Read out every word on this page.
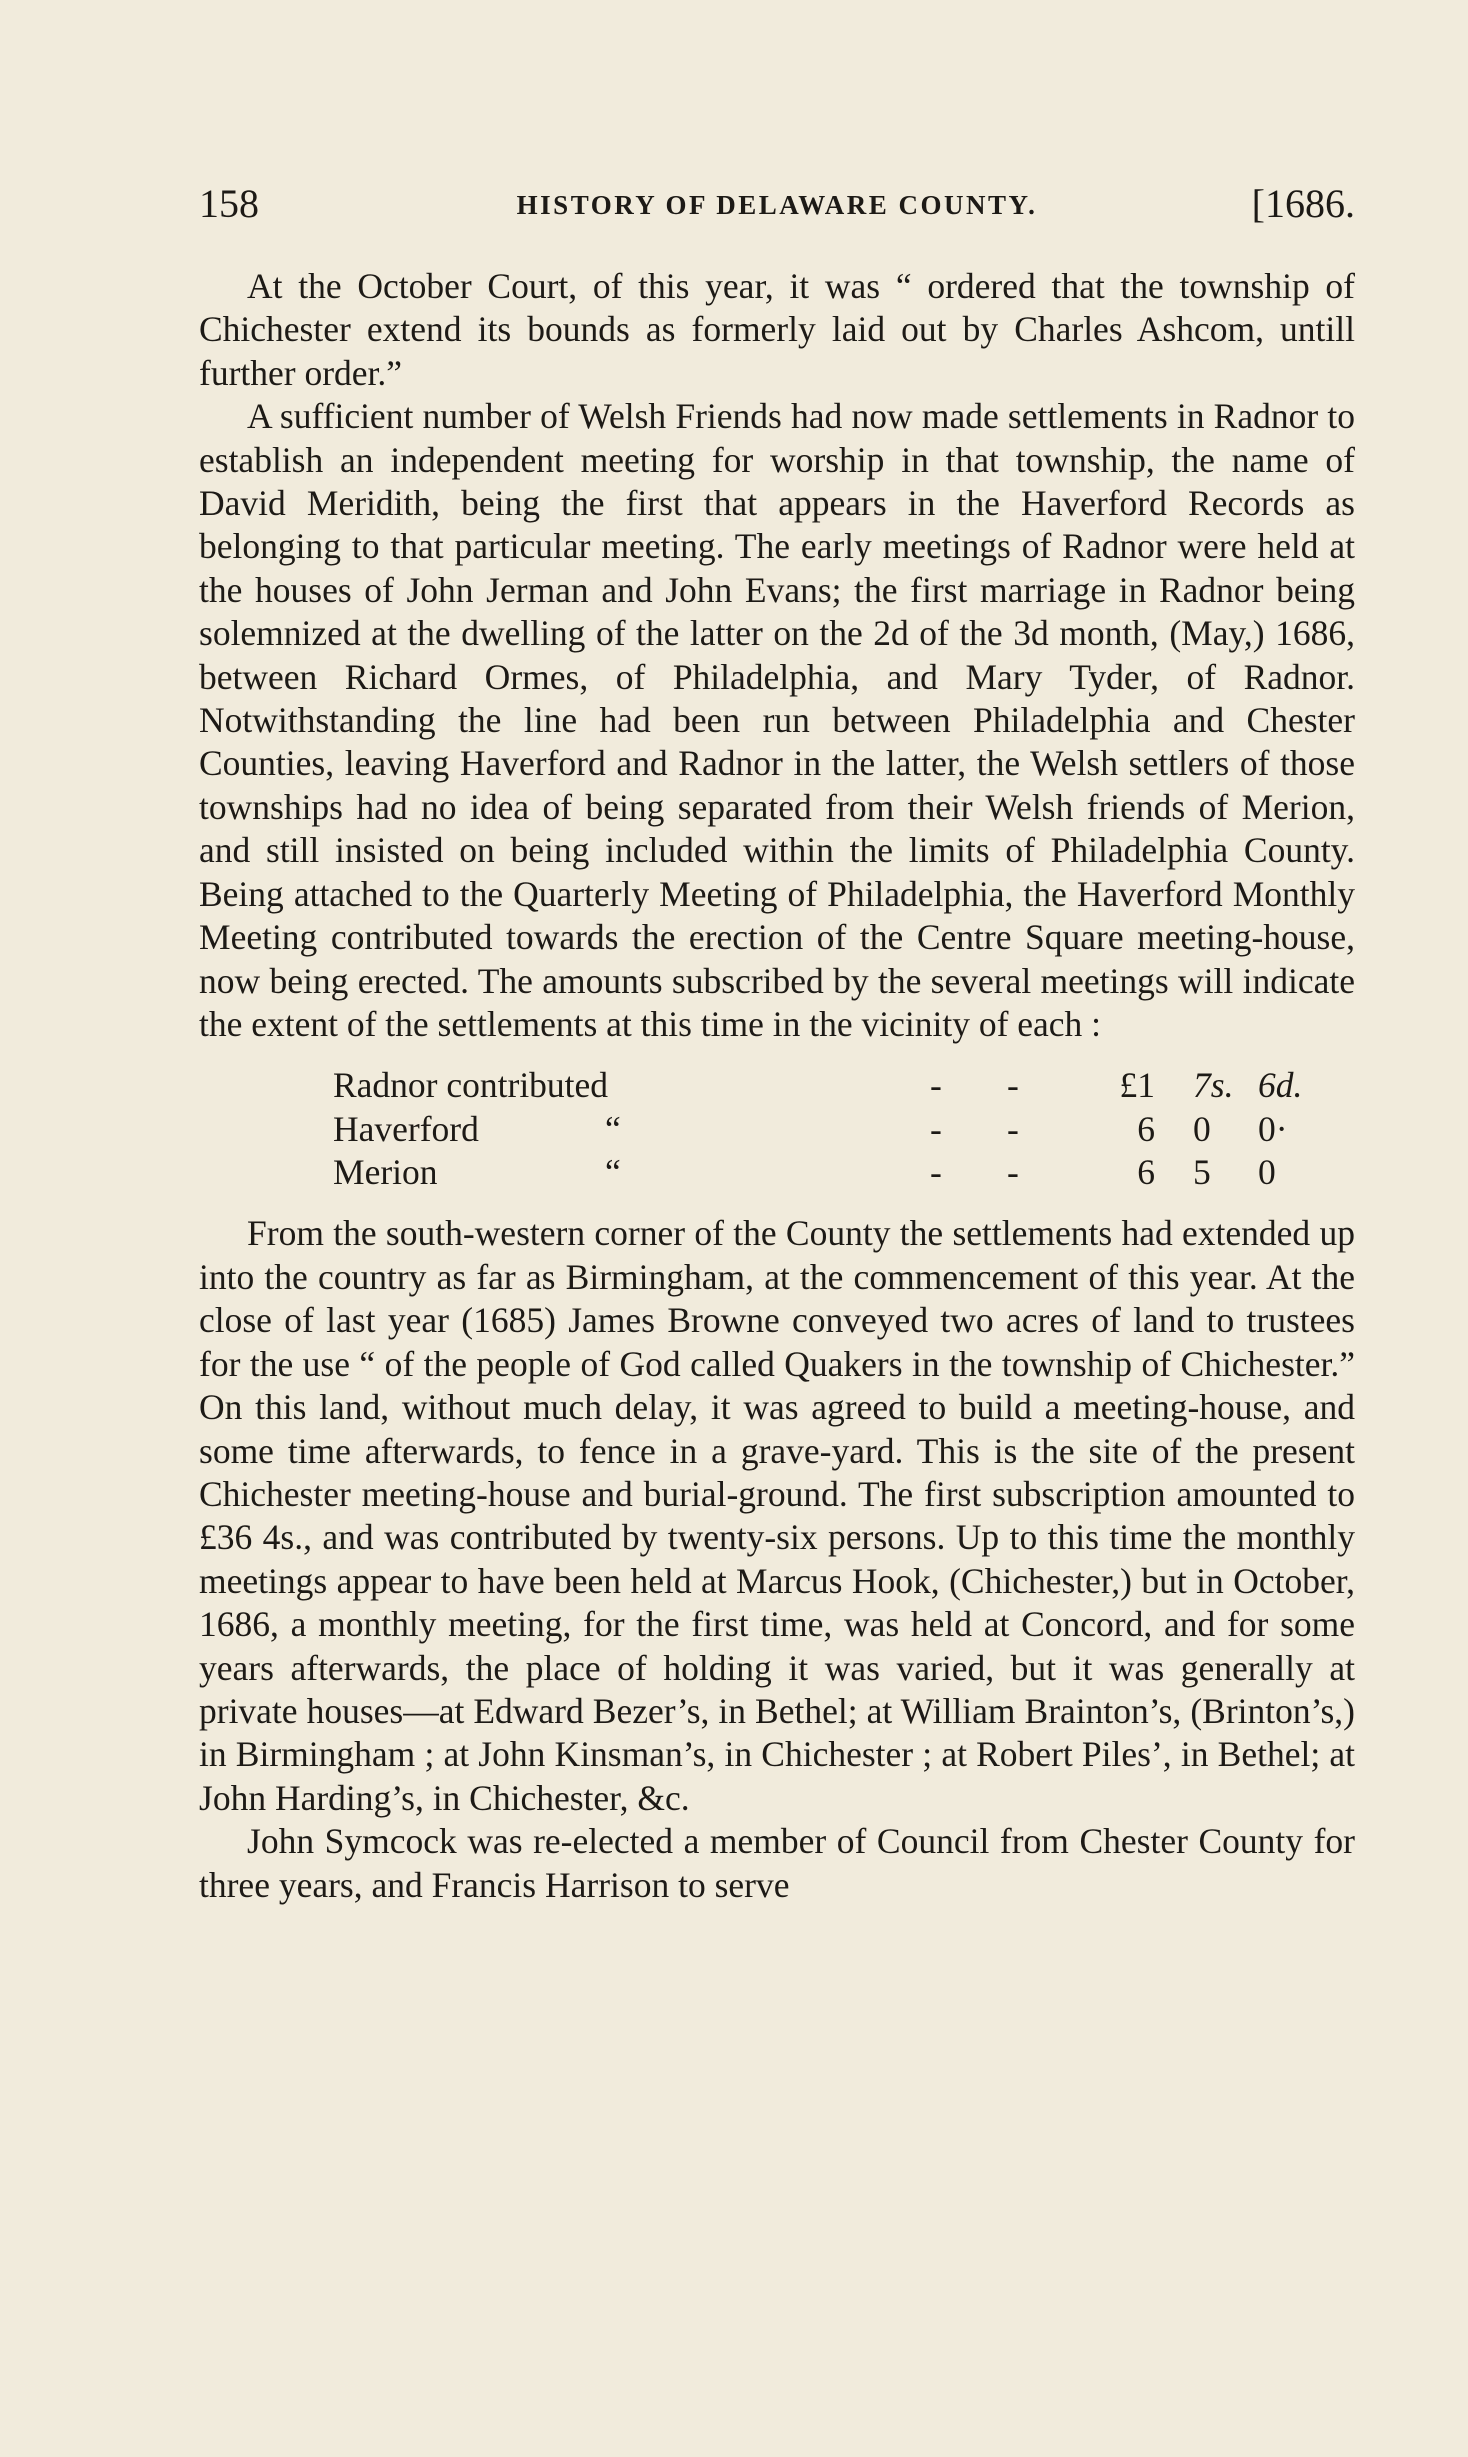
158	HISTORY OF DELAWARE COUNTY.	[1686.

At the October Court, of this year, it was “ ordered that the township of Chichester extend its bounds as formerly laid out by Charles Ashcom, untill further order.”

A sufficient number of Welsh Friends had now made settlements in Radnor to establish an independent meeting for worship in that township, the name of David Meridith, being the first that appears in the Haverford Records as belonging to that particular meeting. The early meetings of Radnor were held at the houses of John Jerman and John Evans; the first marriage in Radnor being solemnized at the dwelling of the latter on the 2d of the 3d month, (May,) 1686, between Richard Ormes, of Philadelphia, and Mary Tyder, of Radnor. Notwithstanding the line had been run between Philadelphia and Chester Counties, leaving Haverford and Radnor in the latter, the Welsh settlers of those townships had no idea of being separated from their Welsh friends of Merion, and still insisted on being included within the limits of Philadelphia County. Being attached to the Quarterly Meeting of Philadelphia, the Haverford Monthly Meeting contributed towards the erection of the Centre Square meeting-house, now being erected. The amounts subscribed by the several meetings will indicate the extent of the settlements at this time in the vicinity of each :

Radnor contributed	- -	£1 7s. 6d.
Haverford	“	- -	6 0 0·
Merion	“	- -	6 5 0

From the south-western corner of the County the settlements had extended up into the country as far as Birmingham, at the commencement of this year. At the close of last year (1685) James Browne conveyed two acres of land to trustees for the use “ of the people of God called Quakers in the township of Chichester.” On this land, without much delay, it was agreed to build a meeting-house, and some time afterwards, to fence in a grave-yard. This is the site of the present Chichester meeting-house and burial-ground. The first subscription amounted to £36 4s., and was contributed by twenty-six persons. Up to this time the monthly meetings appear to have been held at Marcus Hook, (Chichester,) but in October, 1686, a monthly meeting, for the first time, was held at Concord, and for some years afterwards, the place of holding it was varied, but it was generally at private houses—at Edward Bezer’s, in Bethel; at William Brainton’s, (Brinton’s,) in Birmingham ; at John Kinsman’s, in Chichester ; at Robert Piles’, in Bethel; at John Harding’s, in Chichester, &c.

John Symcock was re-elected a member of Council from Chester County for three years, and Francis Harrison to serve
